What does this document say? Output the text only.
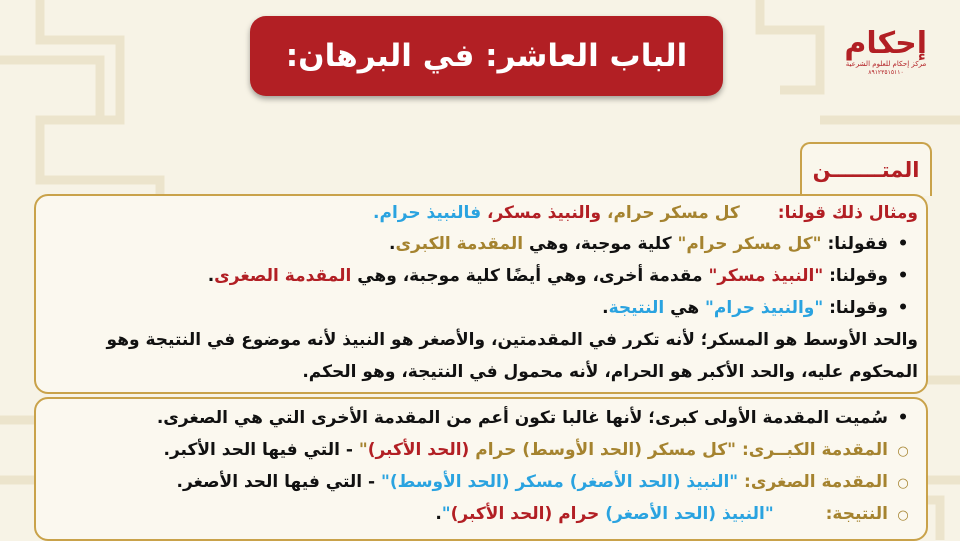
الباب العاشر: في البرهان:	إحكام
مركز إحكام للعلوم الشرعية
٨٩١٢٣٥١٥١١٠
المتـــــــن
ومثال ذلك قولنا:كل مسكر حرام، والنبيذ مسكر، فالنبيذ حرام.
•فقولنا: "كل مسكر حرام" كلية موجبة، وهي المقدمة الكبرى.
•وقولنا: "النبيذ مسكر" مقدمة أخرى، وهي أيضًا كلية موجبة، وهي المقدمة الصغرى.
•وقولنا: "والنبيذ حرام" هي النتيجة.
والحد الأوسط هو المسكر؛ لأنه تكرر في المقدمتين، والأصغر هو النبيذ لأنه موضوع في النتيجة وهو
المحكوم عليه، والحد الأكبر هو الحرام، لأنه محمول في النتيجة، وهو الحكم.
•سُميت المقدمة الأولى كبرى؛ لأنها غالبا تكون أعم من المقدمة الأخرى التي هي الصغرى.
○المقدمة الكبــرى: "كل مسكر (الحد الأوسط) حرام (الحد الأكبر)" - التي فيها الحد الأكبر.
○المقدمة الصغرى: "النبيذ (الحد الأصغر) مسكر (الحد الأوسط)" - التي فيها الحد الأصغر.
○النتيجة: "النبيذ (الحد الأصغر) حرام (الحد الأكبر)".
